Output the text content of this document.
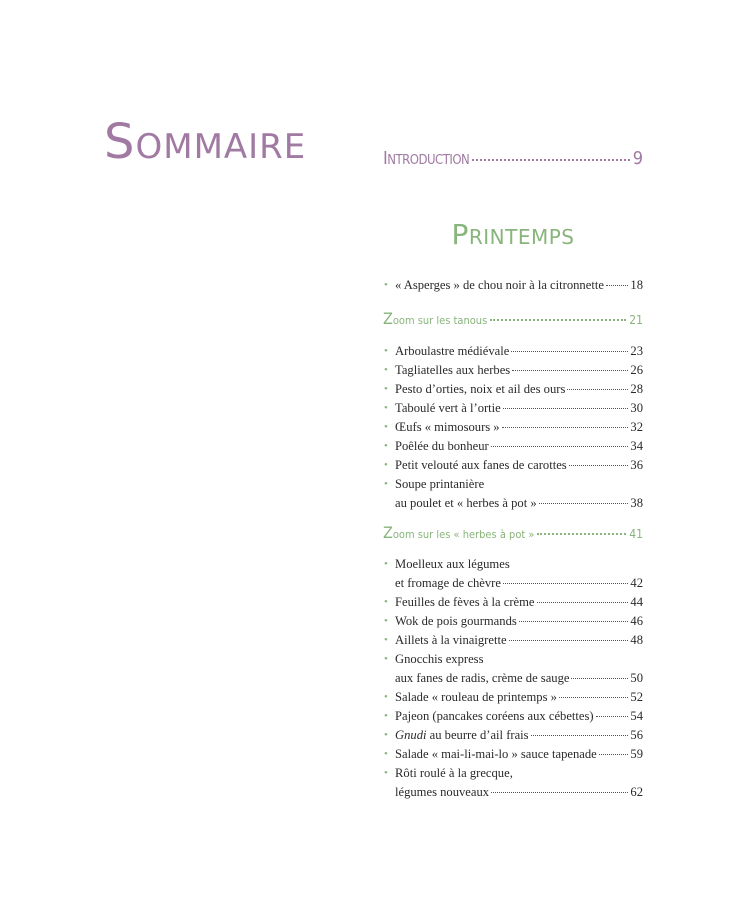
Sommaire	Introduction	9
Printemps
• « Asperges » de chou noir à la citronnette 18
Z oom sur les tanous	21
• Arboulastre médiévale	23
• Tagliatelles aux herbes	26
• Pesto d’orties, noix et ail des ours	28
• Taboulé vert à l’ortie	30
• Œufs « mimosours »	32
• Poêlée du bonheur	34
• Petit velouté aux fanes de carottes	36
• Soupe printanière
au poulet et « herbes à pot »	38
Z oom sur les « herbes à pot »	41
• Moelleux aux légumes
et fromage de chèvre	42
• Feuilles de fèves à la crème	44
• Wok de pois gourmands	46
• Aillets à la vinaigrette	48
• Gnocchis express
aux fanes de radis, crème de sauge	50
• Salade « rouleau de printemps »	52
• Pajeon (pancakes coréens aux cébettes)	54
• Gnudi au beurre d’ail frais	56
• Salade « mai-li-mai-lo » sauce tapenade	59
• Rôti roulé à la grecque,
légumes nouveaux	62
